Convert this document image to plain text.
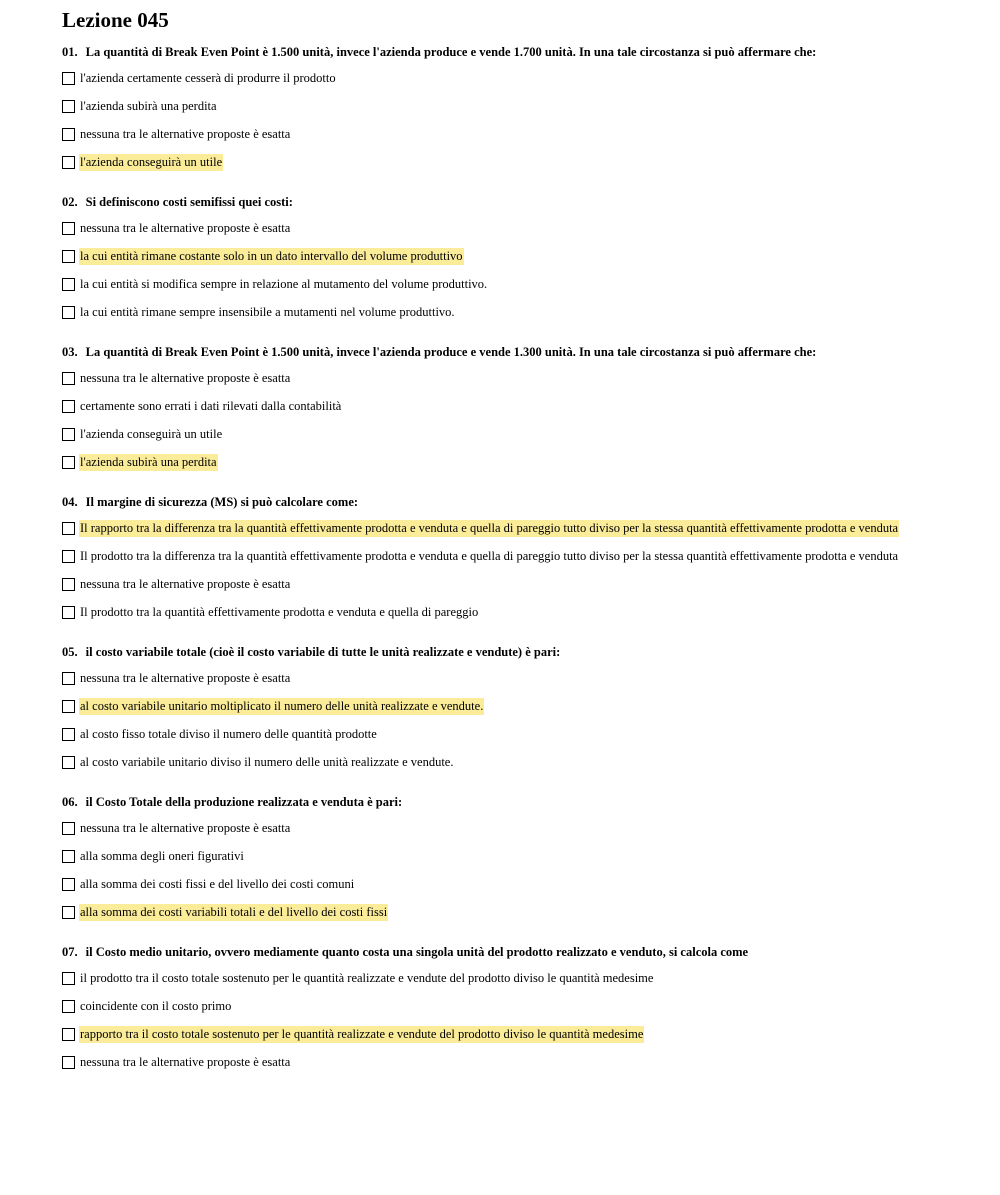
Lezione 045
01. La quantità di Break Even Point è 1.500 unità, invece l'azienda produce e vende 1.700 unità. In una tale circostanza si può affermare che:
l'azienda certamente cesserà di produrre il prodotto
l'azienda subirà una perdita
nessuna tra le alternative proposte è esatta
l'azienda conseguirà un utile
02. Si definiscono costi semifissi quei costi:
nessuna tra le alternative proposte è esatta
la cui entità rimane costante solo in un dato intervallo del volume produttivo
la cui entità si modifica sempre in relazione al mutamento del volume produttivo.
la cui entità rimane sempre insensibile a mutamenti nel volume produttivo.
03. La quantità di Break Even Point è 1.500 unità, invece l'azienda produce e vende 1.300 unità. In una tale circostanza si può affermare che:
nessuna tra le alternative proposte è esatta
certamente sono errati i dati rilevati dalla contabilità
l'azienda conseguirà un utile
l'azienda subirà una perdita
04. Il margine di sicurezza (MS) si può calcolare come:
Il rapporto tra la differenza tra la quantità effettivamente prodotta e venduta e quella di pareggio tutto diviso per la stessa quantità effettivamente prodotta e venduta
Il prodotto tra la differenza tra la quantità effettivamente prodotta e venduta e quella di pareggio tutto diviso per la stessa quantità effettivamente prodotta e venduta
nessuna tra le alternative proposte è esatta
Il prodotto tra la quantità effettivamente prodotta e venduta e quella di pareggio
05. il costo variabile totale (cioè il costo variabile di tutte le unità realizzate e vendute) è pari:
nessuna tra le alternative proposte è esatta
al costo variabile unitario moltiplicato il numero delle unità realizzate e vendute.
al costo fisso totale diviso il numero delle quantità prodotte
al costo variabile unitario diviso il numero delle unità realizzate e vendute.
06. il Costo Totale della produzione realizzata e venduta è pari:
nessuna tra le alternative proposte è esatta
alla somma degli oneri figurativi
alla somma dei costi fissi e del livello dei costi comuni
alla somma dei costi variabili totali e del livello dei costi fissi
07. il Costo medio unitario, ovvero mediamente quanto costa una singola unità del prodotto realizzato e venduto, si calcola come
il prodotto tra il costo totale sostenuto per le quantità realizzate e vendute del prodotto diviso le quantità medesime
coincidente con il costo primo
rapporto tra il costo totale sostenuto per le quantità realizzate e vendute del prodotto diviso le quantità medesime
nessuna tra le alternative proposte è esatta
